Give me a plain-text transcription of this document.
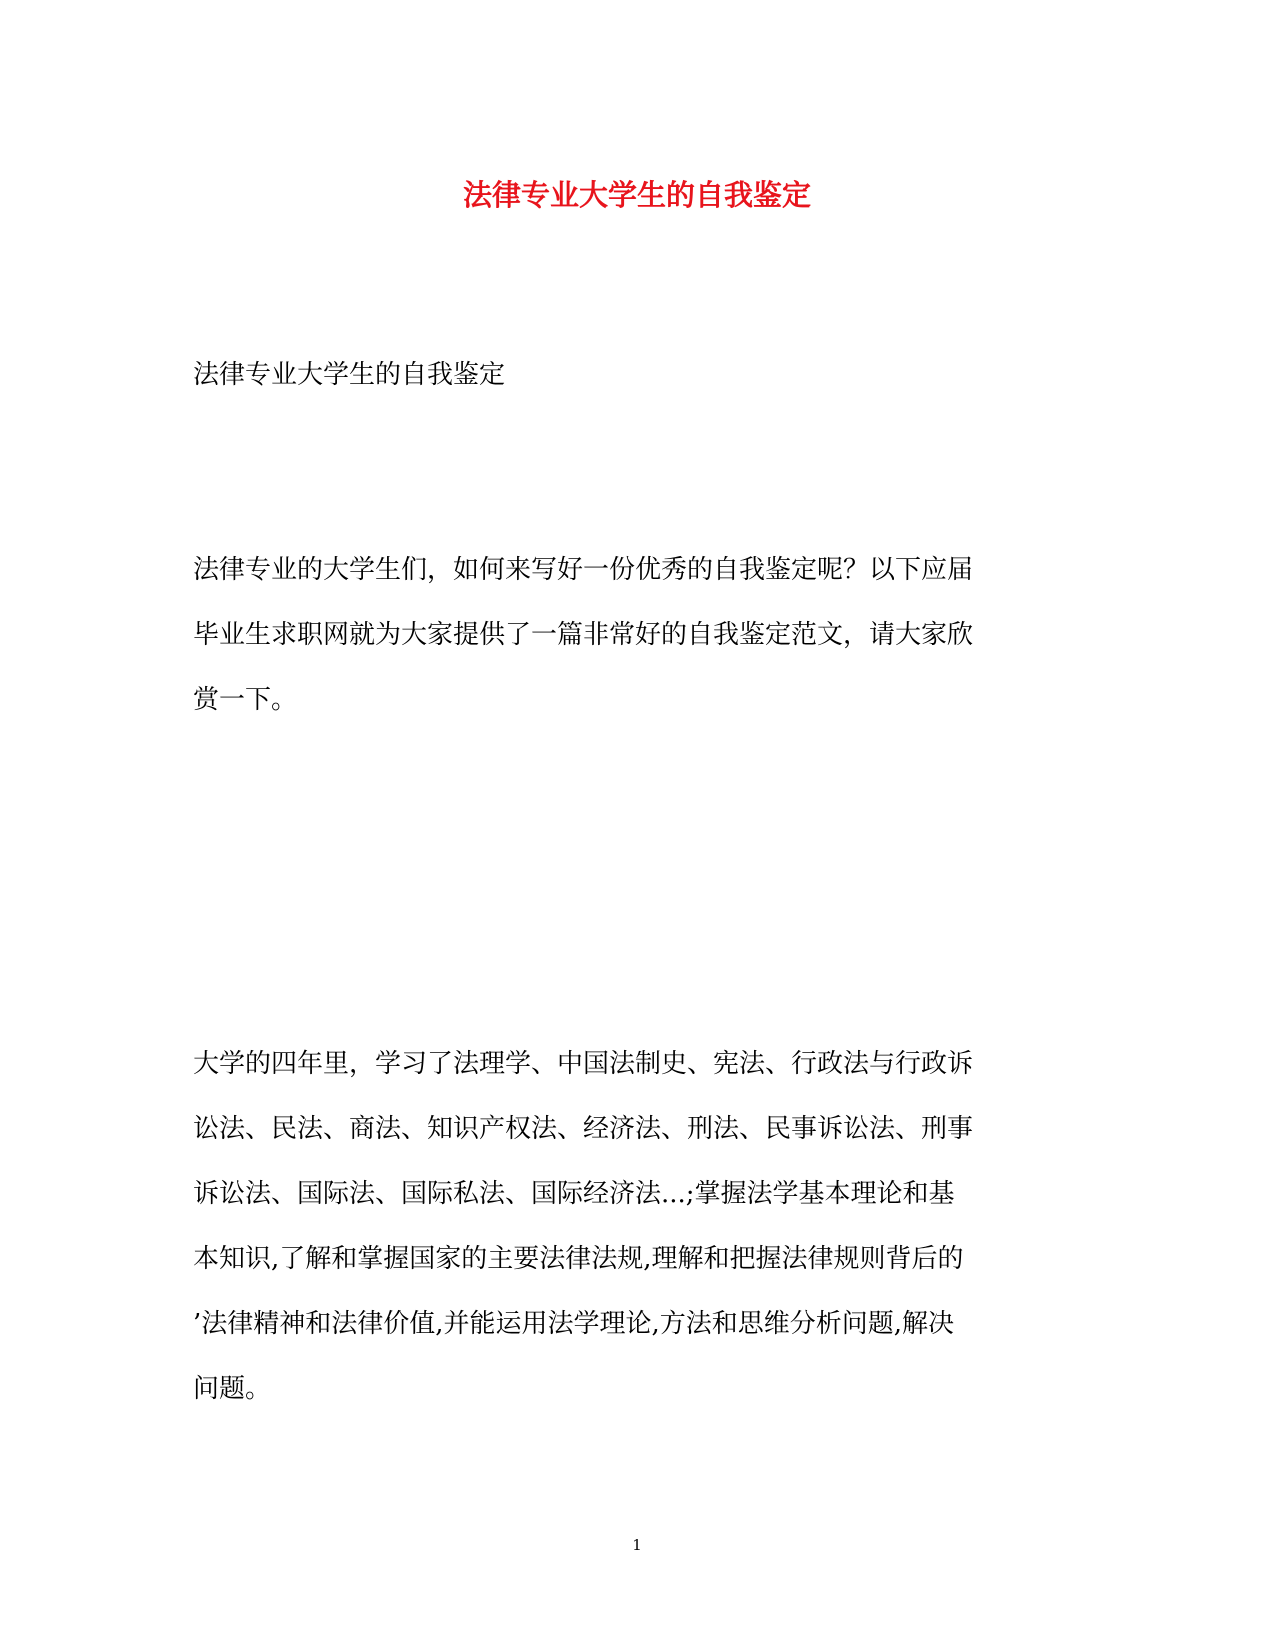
法律专业大学生的自我鉴定

法律专业大学生的自我鉴定

法律专业的大学生们，如何来写好一份优秀的自我鉴定呢？以下应届
毕业生求职网就为大家提供了一篇非常好的自我鉴定范文，请大家欣
赏一下。

大学的四年里，学习了法理学、中国法制史、宪法、行政法与行政诉
讼法、民法、商法、知识产权法、经济法、刑法、民事诉讼法、刑事
诉讼法、国际法、国际私法、国际经济法...;掌握法学基本理论和基
本知识,了解和掌握国家的主要法律法规,理解和把握法律规则背后的
’法律精神和法律价值,并能运用法学理论,方法和思维分析问题,解决
问题。

1
